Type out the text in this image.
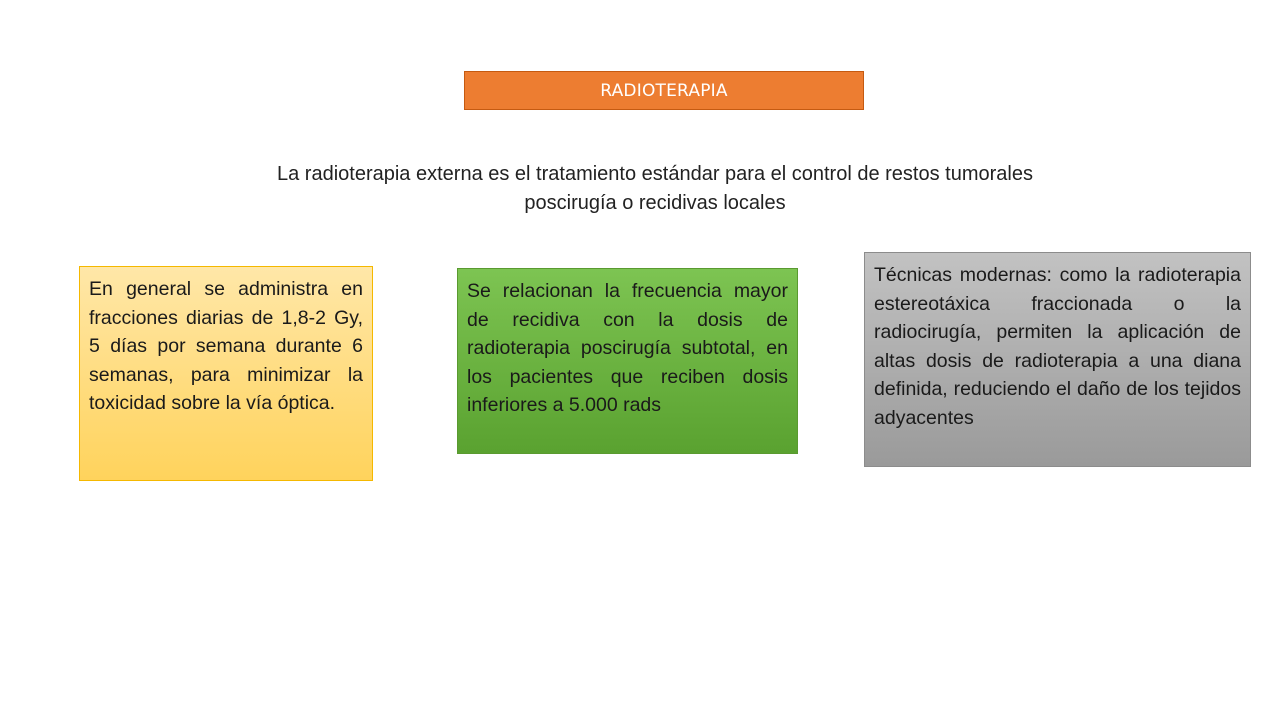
RADIOTERAPIA
La radioterapia externa es el tratamiento estándar para el control de restos tumorales poscirugía o recidivas locales
En general se administra en fracciones diarias de 1,8-2 Gy, 5 días por semana durante 6 semanas, para minimizar la toxicidad sobre la vía óptica.
Se relacionan la frecuencia mayor de recidiva con la dosis de radioterapia poscirugía subtotal, en los pacientes que reciben dosis inferiores a 5.000 rads
Técnicas modernas: como la radioterapia estereotáxica fraccionada o la radiocirugía, permiten la aplicación de altas dosis de radioterapia a una diana definida, reduciendo el daño de los tejidos adyacentes
